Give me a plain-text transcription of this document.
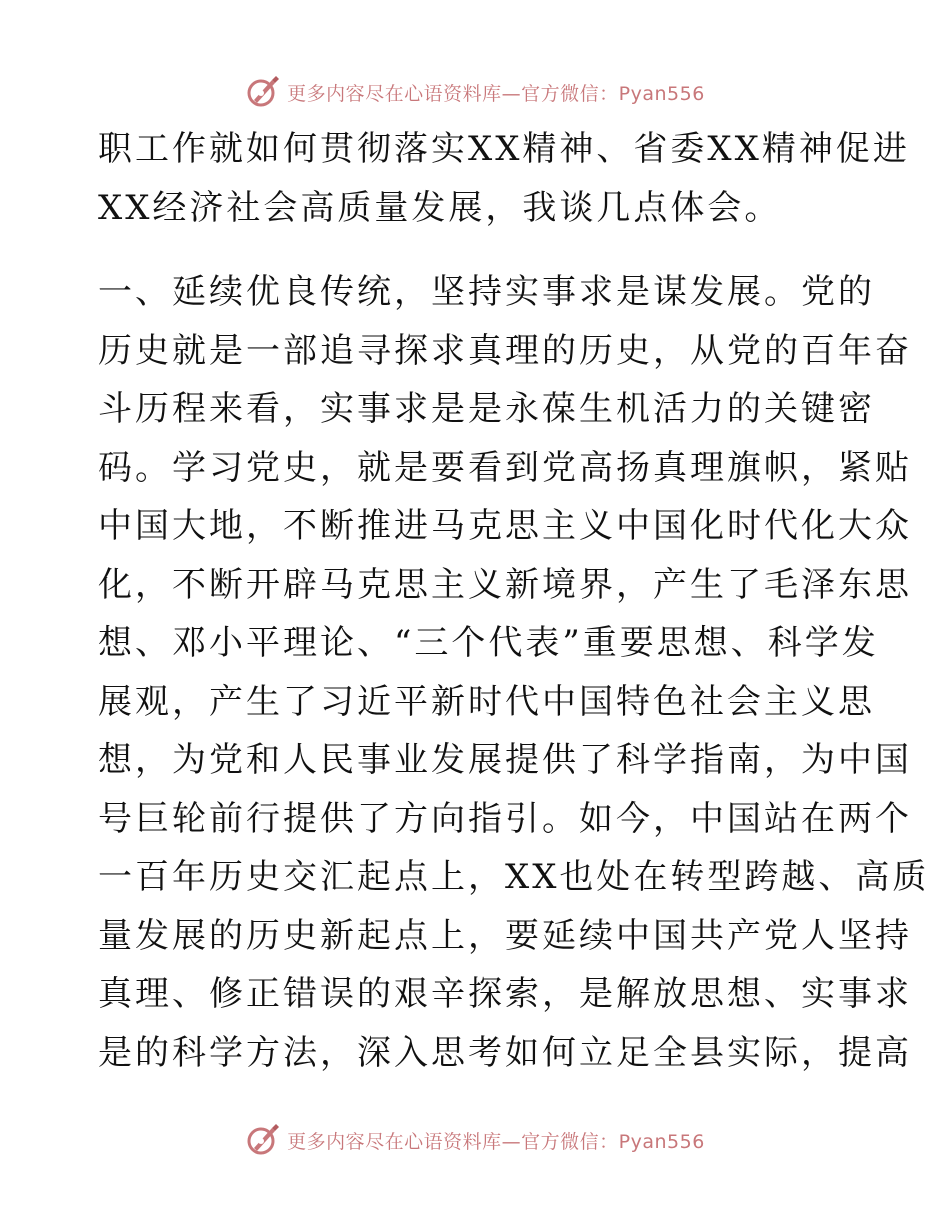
更多内容尽在心语资料库—官方微信：Pyan556
职工作就如何贯彻落实XX精神、省委XX精神促进
XX经济社会高质量发展，我谈几点体会。
一、延续优良传统，坚持实事求是谋发展。党的
历史就是一部追寻探求真理的历史，从党的百年奋
斗历程来看，实事求是是永葆生机活力的关键密
码。学习党史，就是要看到党高扬真理旗帜，紧贴
中国大地，不断推进马克思主义中国化时代化大众
化，不断开辟马克思主义新境界，产生了毛泽东思
想、邓小平理论、“三个代表”重要思想、科学发
展观，产生了习近平新时代中国特色社会主义思
想，为党和人民事业发展提供了科学指南，为中国
号巨轮前行提供了方向指引。如今，中国站在两个
一百年历史交汇起点上，XX也处在转型跨越、高质
量发展的历史新起点上，要延续中国共产党人坚持
真理、修正错误的艰辛探索，是解放思想、实事求
是的科学方法，深入思考如何立足全县实际，提高
更多内容尽在心语资料库—官方微信：Pyan556
